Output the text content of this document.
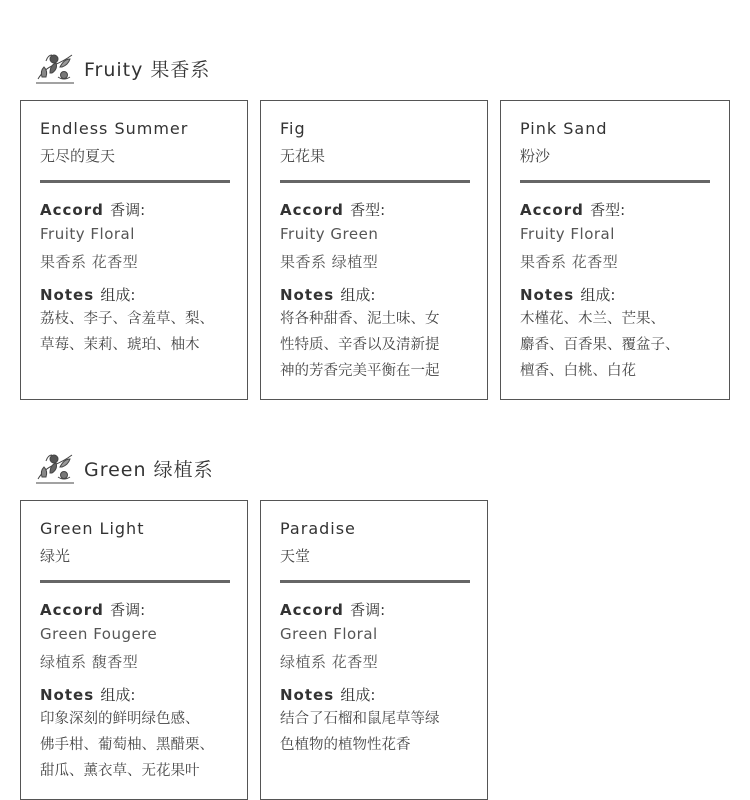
Fruity 果香系
Endless Summer
无尽的夏天
Accord 香调:
Fruity Floral
果香系 花香型
Notes 组成:
荔枝、李子、含羞草、梨、
草莓、茉莉、琥珀、柚木
Fig
无花果
Accord 香型:
Fruity Green
果香系 绿植型
Notes 组成:
将各种甜香、泥土味、女
性特质、辛香以及清新提
神的芳香完美平衡在一起
Pink Sand
粉沙
Accord 香型:
Fruity Floral
果香系 花香型
Notes 组成:
木槿花、木兰、芒果、
麝香、百香果、覆盆子、
檀香、白桃、白花
Green 绿植系
Green Light
绿光
Accord 香调:
Green Fougere
绿植系 馥香型
Notes 组成:
印象深刻的鲜明绿色感、
佛手柑、葡萄柚、黑醋栗、
甜瓜、薰衣草、无花果叶
Paradise
天堂
Accord 香调:
Green Floral
绿植系 花香型
Notes 组成:
结合了石榴和鼠尾草等绿
色植物的植物性花香
